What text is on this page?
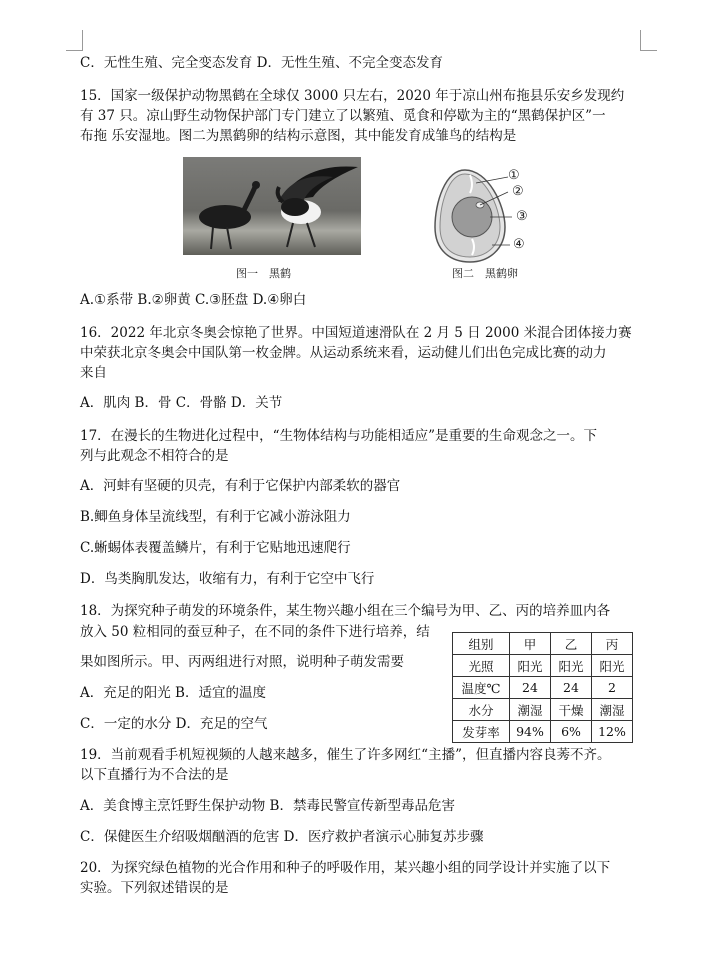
C．无性生殖、完全变态发育 D．无性生殖、不完全变态发育
15．国家一级保护动物黑鹤在全球仅 3000 只左右，2020 年于凉山州布拖县乐安乡发现约
有 37 只。凉山野生动物保护部门专门建立了以繁殖、觅食和停歇为主的“黑鹤保护区”一
布拖 乐安湿地。图二为黑鹤卵的结构示意图，其中能发育成雏鸟的结构是
图一　黑鹤
①
②
③
④
图二　黑鹤卵
A.①系带 B.②卵黄 C.③胚盘 D.④卵白
16．2022 年北京冬奥会惊艳了世界。中国短道速滑队在 2 月 5 日 2000 米混合团体接力赛
中荣获北京冬奥会中国队第一枚金牌。从运动系统来看，运动健儿们出色完成比赛的动力
来自
A．肌肉 B．骨 C．骨骼 D．关节
17．在漫长的生物进化过程中，“生物体结构与功能相适应”是重要的生命观念之一。下
列与此观念不相符合的是
A．河蚌有坚硬的贝壳，有利于它保护内部柔软的器官
B.鲫鱼身体呈流线型，有利于它减小游泳阻力
C.蜥蜴体表覆盖鳞片，有利于它贴地迅速爬行
D．鸟类胸肌发达，收缩有力，有利于它空中飞行
18．为探究种子萌发的环境条件，某生物兴趣小组在三个编号为甲、乙、丙的培养皿内各
放入 50 粒相同的蚕豆种子，在不同的条件下进行培养，结
果如图所示。甲、丙两组进行对照，说明种子萌发需要
A．充足的阳光 B．适宜的温度
C．一定的水分 D．充足的空气
组别	甲	乙	丙
光照	阳光	阳光	阳光
温度℃	24	24	2
水分	潮湿	干燥	潮湿
发芽率	94%	6%	12%
19．当前观看手机短视频的人越来越多，催生了许多网红“主播”，但直播内容良莠不齐。
以下直播行为不合法的是
A．美食博主烹饪野生保护动物 B．禁毒民警宣传新型毒品危害
C．保健医生介绍吸烟酗酒的危害 D．医疗救护者演示心肺复苏步骤
20．为探究绿色植物的光合作用和种子的呼吸作用，某兴趣小组的同学设计并实施了以下
实验。下列叙述错误的是
